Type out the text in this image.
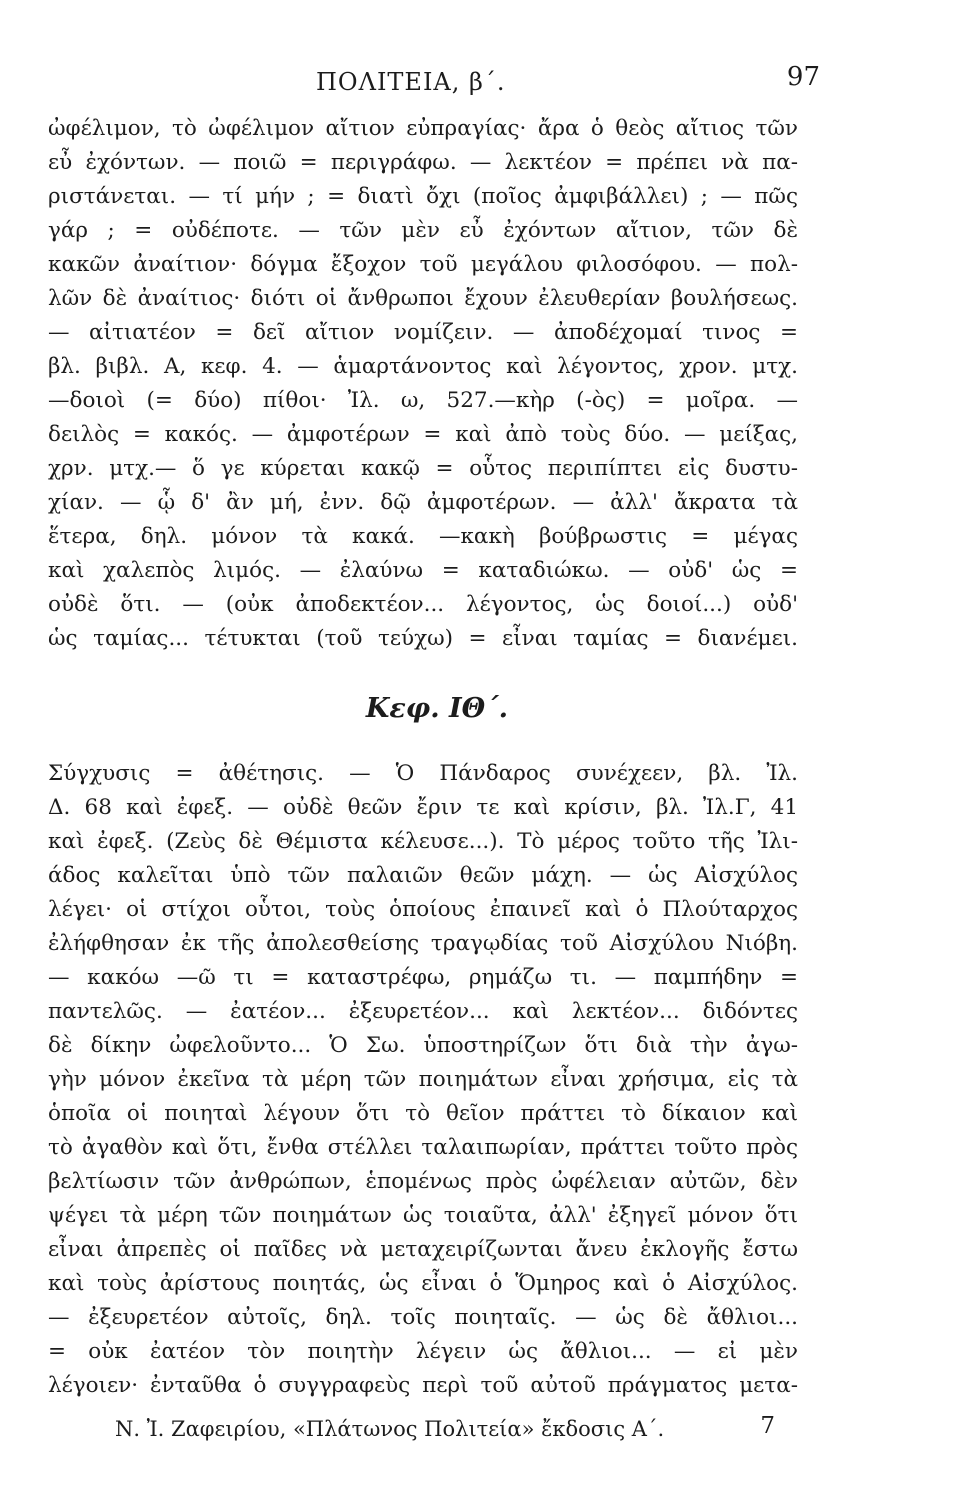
ΠΟΛΙΤΕΙΑ, β΄.	97
ὠφέλιμον, τὸ ὠφέλιμον αἴτιον εὐπραγίας· ἄρα ὁ θεὸς αἴτιος τῶν
εὖ ἐχόντων. — ποιῶ = περιγράφω. — λεκτέον = πρέπει νὰ πα-
ριστάνεται. — τί μήν ; = διατὶ ὄχι (ποῖος ἀμφιβάλλει) ; — πῶς
γάρ ; = οὐδέποτε. — τῶν μὲν εὖ ἐχόντων αἴτιον, τῶν δὲ
κακῶν ἀναίτιον· δόγμα ἔξοχον τοῦ μεγάλου φιλοσόφου. — πολ-
λῶν δὲ ἀναίτιος· διότι οἱ ἄνθρωποι ἔχουν ἐλευθερίαν βουλήσεως.
— αἰτιατέον = δεῖ αἴτιον νομίζειν. — ἀποδέχομαί τινος =
βλ. βιβλ. Α, κεφ. 4. — ἁμαρτάνοντος καὶ λέγοντος, χρον. μτχ.
—δοιοὶ (= δύο) πίθοι· Ἰλ. ω, 527.—κὴρ (-ὸς) = μοῖρα. —
δειλὸς = κακός. — ἀμφοτέρων = καὶ ἀπὸ τοὺς δύο. — μείξας,
χρν. μτχ.— ὅ γε κύρεται κακῷ = οὗτος περιπίπτει εἰς δυστυ-
χίαν. — ᾧ δ' ἂν μή, ἐνν. δῷ ἀμφοτέρων. — ἀλλ' ἄκρατα τὰ
ἕτερα, δηλ. μόνον τὰ κακά. —κακὴ βούβρωστις = μέγας
καὶ χαλεπὸς λιμός. — ἐλαύνω = καταδιώκω. — οὐδ' ὡς =
οὐδὲ ὅτι. — (οὐκ ἀποδεκτέον... λέγοντος, ὡς δοιοί...) οὐδ'
ὡς ταμίας... τέτυκται (τοῦ τεύχω) = εἶναι ταμίας = διανέμει.
Κεφ. ΙΘ΄.
Σύγχυσις = ἀθέτησις. — Ὁ Πάνδαρος συνέχεεν, βλ. Ἰλ.
Δ. 68 καὶ ἐφεξ. — οὐδὲ θεῶν ἔριν τε καὶ κρίσιν, βλ. Ἰλ.Γ, 41
καὶ ἐφεξ. (Ζεὺς δὲ Θέμιστα κέλευσε...). Τὸ μέρος τοῦτο τῆς Ἰλι-
άδος καλεῖται ὑπὸ τῶν παλαιῶν θεῶν μάχη. — ὡς Αἰσχύλος
λέγει· οἱ στίχοι οὗτοι, τοὺς ὁποίους ἐπαινεῖ καὶ ὁ Πλούταρχος
ἐλήφθησαν ἐκ τῆς ἀπολεσθείσης τραγῳδίας τοῦ Αἰσχύλου Νιόβη.
— κακόω —ῶ τι = καταστρέφω, ρημάζω τι. — παμπήδην =
παντελῶς. — ἐατέον... ἐξευρετέον... καὶ λεκτέον... διδόντες
δὲ δίκην ὠφελοῦντο... Ὁ Σω. ὑποστηρίζων ὅτι διὰ τὴν ἀγω-
γὴν μόνον ἐκεῖνα τὰ μέρη τῶν ποιημάτων εἶναι χρήσιμα, εἰς τὰ
ὁποῖα οἱ ποιηταὶ λέγουν ὅτι τὸ θεῖον πράττει τὸ δίκαιον καὶ
τὸ ἀγαθὸν καὶ ὅτι, ἔνθα στέλλει ταλαιπωρίαν, πράττει τοῦτο πρὸς
βελτίωσιν τῶν ἀνθρώπων, ἑπομένως πρὸς ὠφέλειαν αὐτῶν, δὲν
ψέγει τὰ μέρη τῶν ποιημάτων ὡς τοιαῦτα, ἀλλ' ἐξηγεῖ μόνον ὅτι
εἶναι ἀπρεπὲς οἱ παῖδες νὰ μεταχειρίζωνται ἄνευ ἐκλογῆς ἔστω
καὶ τοὺς ἀρίστους ποιητάς, ὡς εἶναι ὁ Ὅμηρος καὶ ὁ Αἰσχύλος.
— ἐξευρετέον αὐτοῖς, δηλ. τοῖς ποιηταῖς. — ὡς δὲ ἄθλιοι...
= οὐκ ἐατέον τὸν ποιητὴν λέγειν ὡς ἄθλιοι... — εἰ μὲν
λέγοιεν· ἐνταῦθα ὁ συγγραφεὺς περὶ τοῦ αὐτοῦ πράγματος μετα-
Ν. Ἰ. Ζαφειρίου, «Πλάτωνος Πολιτεία» ἔκδοσις Α΄.	7
